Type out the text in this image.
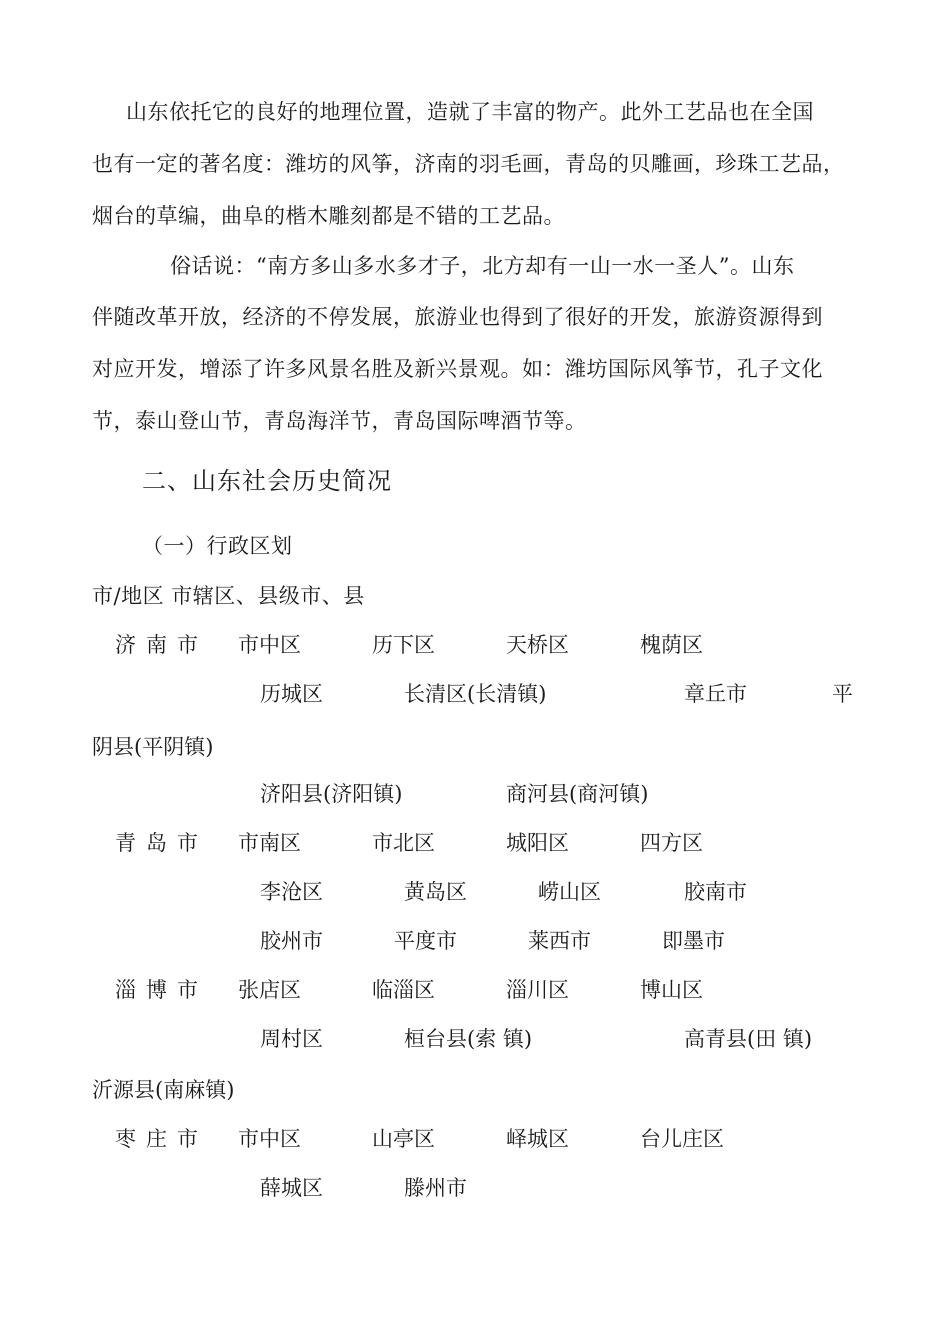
山东依托它的良好的地理位置，造就了丰富的物产。此外工艺品也在全国
也有一定的著名度：潍坊的风筝，济南的羽毛画，青岛的贝雕画，珍珠工艺品，
烟台的草编，曲阜的楷木雕刻都是不错的工艺品。
俗话说：“南方多山多水多才子，北方却有一山一水一圣人”。山东
伴随改革开放，经济的不停发展，旅游业也得到了很好的开发，旅游资源得到
对应开发，增添了许多风景名胜及新兴景观。如：潍坊国际风筝节，孔子文化
节，泰山登山节，青岛海洋节，青岛国际啤酒节等。
二、山东社会历史简况
（一）行政区划
市/地区 市辖区、县级市、县
济南市 市中区	历下区	天桥区	槐荫区
历城区	长清区(长清镇)	章丘市	平
阴县(平阴镇)
济阳县(济阳镇)	商河县(商河镇)
青岛市 市南区	市北区	城阳区	四方区
李沧区	黄岛区	崂山区	胶南市
胶州市	平度市	莱西市	即墨市
淄博市 张店区	临淄区	淄川区	博山区
周村区	桓台县(索 镇)	高青县(田 镇)
沂源县(南麻镇)
枣庄市 市中区	山亭区	峄城区	台儿庄区
薛城区	滕州市
